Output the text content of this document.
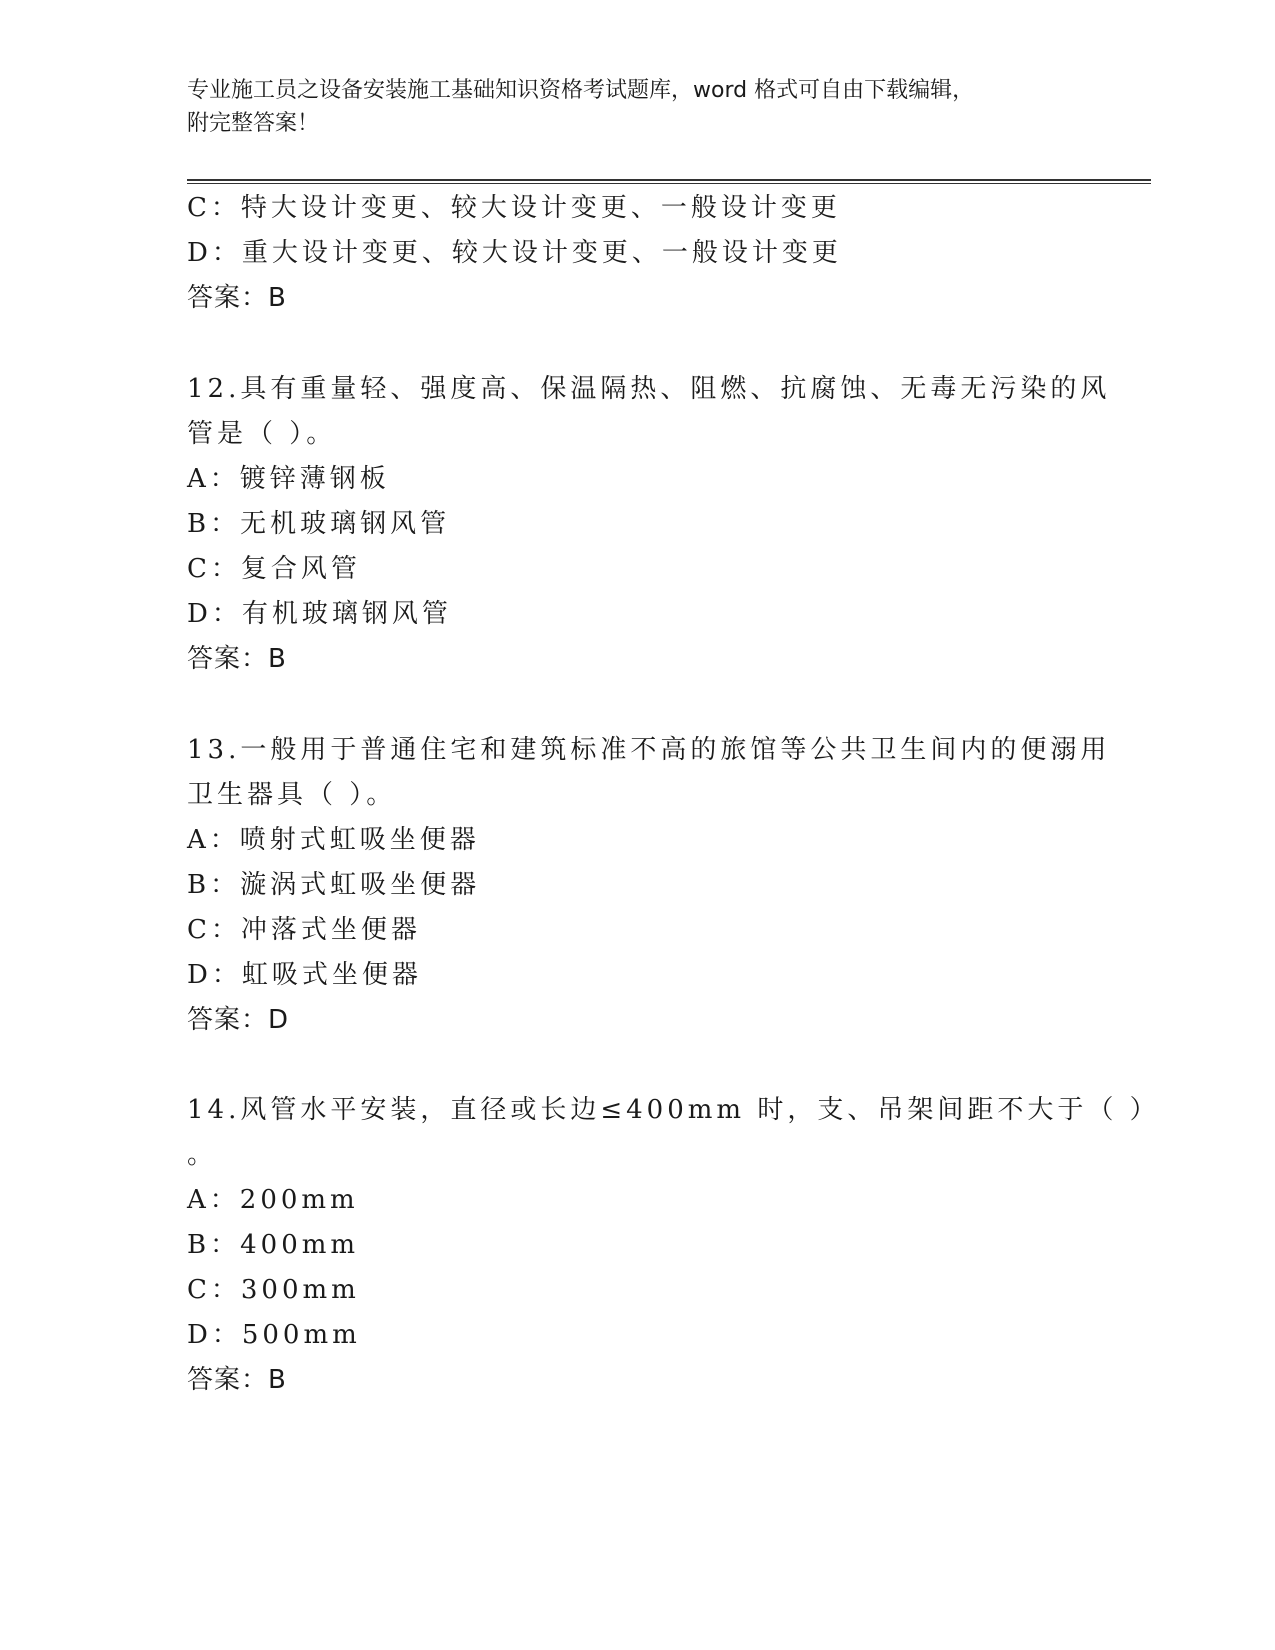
专业施工员之设备安装施工基础知识资格考试题库，word 格式可自由下载编辑，
附完整答案！
C：特大设计变更、较大设计变更、一般设计变更
D：重大设计变更、较大设计变更、一般设计变更
答案：B
12.具有重量轻、强度高、保温隔热、阻燃、抗腐蚀、无毒无污染的风
管是（ ）。
A：镀锌薄钢板
B：无机玻璃钢风管
C：复合风管
D：有机玻璃钢风管
答案：B
13.一般用于普通住宅和建筑标准不高的旅馆等公共卫生间内的便溺用
卫生器具（ ）。
A：喷射式虹吸坐便器
B：漩涡式虹吸坐便器
C：冲落式坐便器
D：虹吸式坐便器
答案：D
14.风管水平安装，直径或长边≤400mm 时，支、吊架间距不大于（ ）
。
A：200mm
B：400mm
C：300mm
D：500mm
答案：B
